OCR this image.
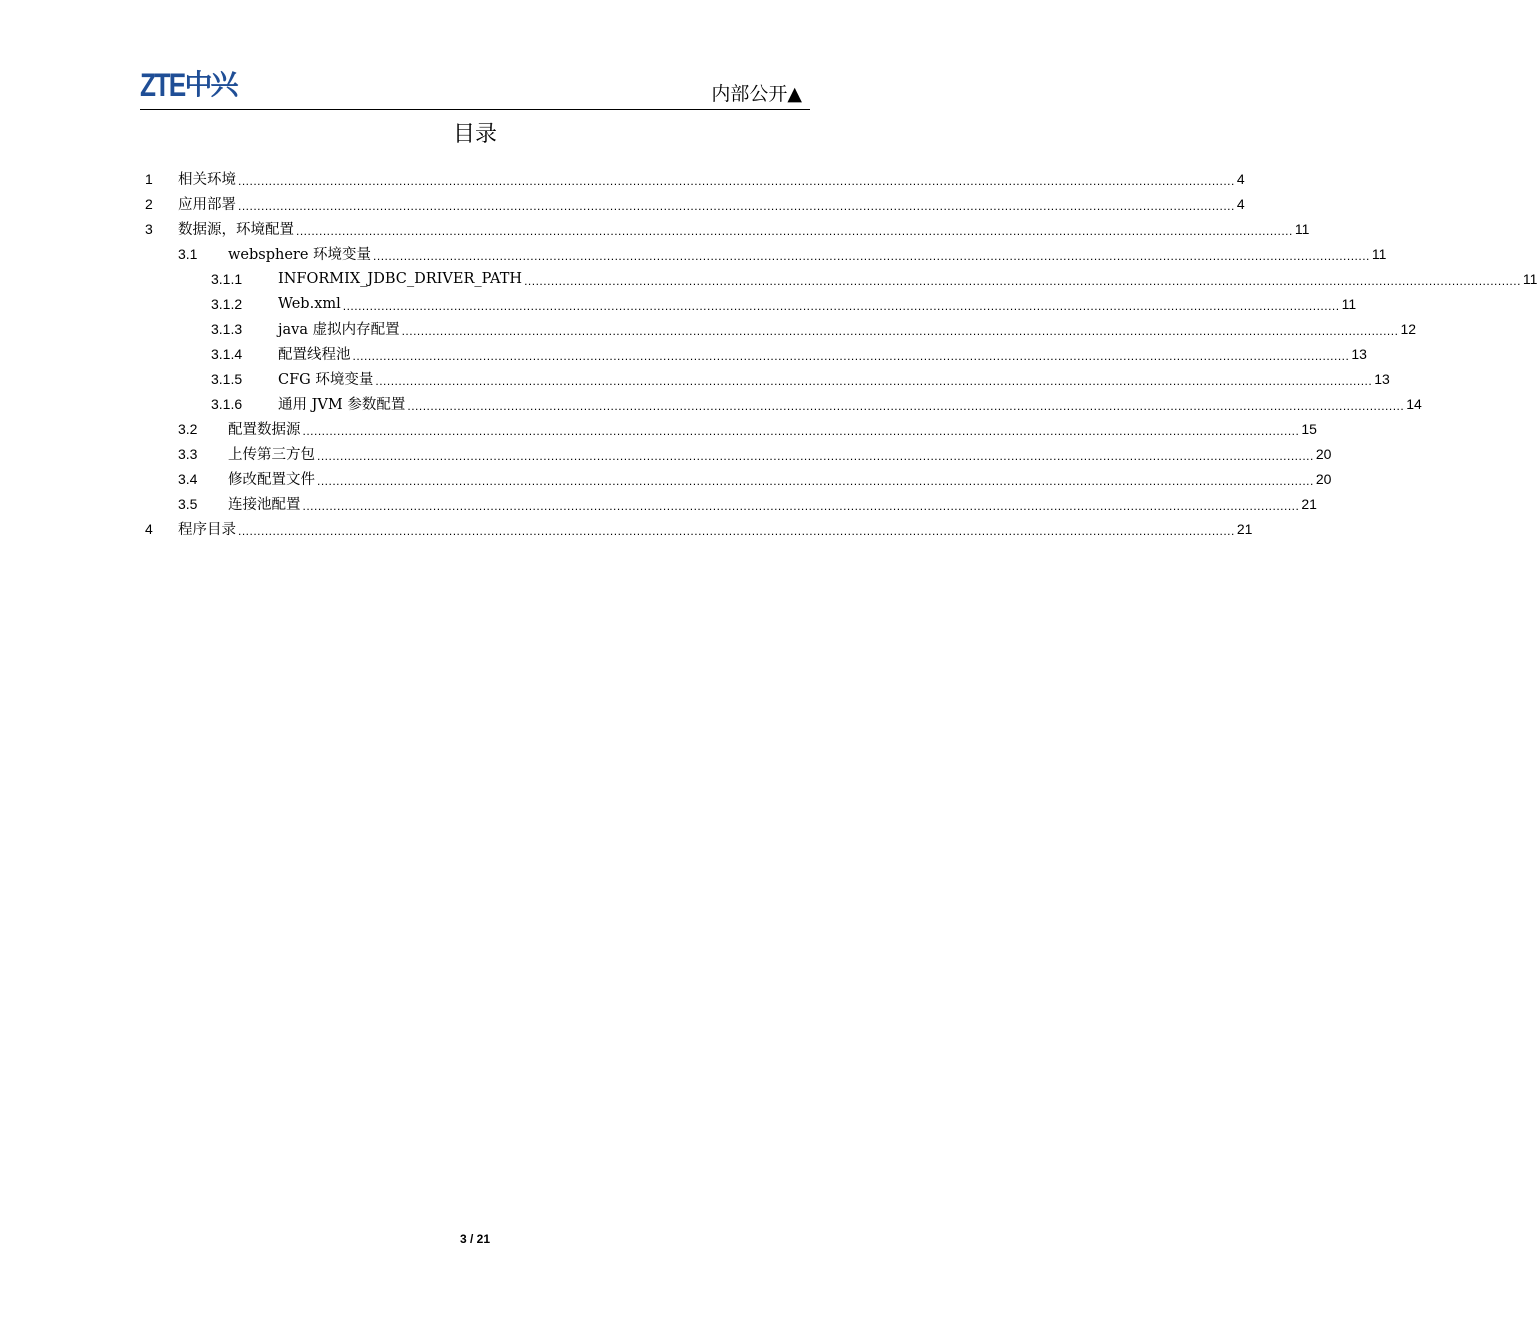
ZTE 中兴	内部公开▲
目录
1	相关环境 .................................................................................................................................................................................................................................................................... 4
2	应用部署 .................................................................................................................................................................................................................................................................... 4
3	数据源，环境配置 .................................................................................................................................................................................................................................................................... 11
3.1	websphere 环境变量 .................................................................................................................................................................................................................................................................... 11
3.1.1	INFORMIX_JDBC_DRIVER_PATH .................................................................................................................................................................................................................................................................... 11
3.1.2	Web.xml .................................................................................................................................................................................................................................................................... 11
3.1.3	java 虚拟内存配置 .................................................................................................................................................................................................................................................................... 12
3.1.4	配置线程池 .................................................................................................................................................................................................................................................................... 13
3.1.5	CFG 环境变量 .................................................................................................................................................................................................................................................................... 13
3.1.6	通用 JVM 参数配置 .................................................................................................................................................................................................................................................................... 14
3.2	配置数据源 .................................................................................................................................................................................................................................................................... 15
3.3	上传第三方包 .................................................................................................................................................................................................................................................................... 20
3.4	修改配置文件 .................................................................................................................................................................................................................................................................... 20
3.5	连接池配置 .................................................................................................................................................................................................................................................................... 21
4	程序目录 .................................................................................................................................................................................................................................................................... 21
3 / 21
